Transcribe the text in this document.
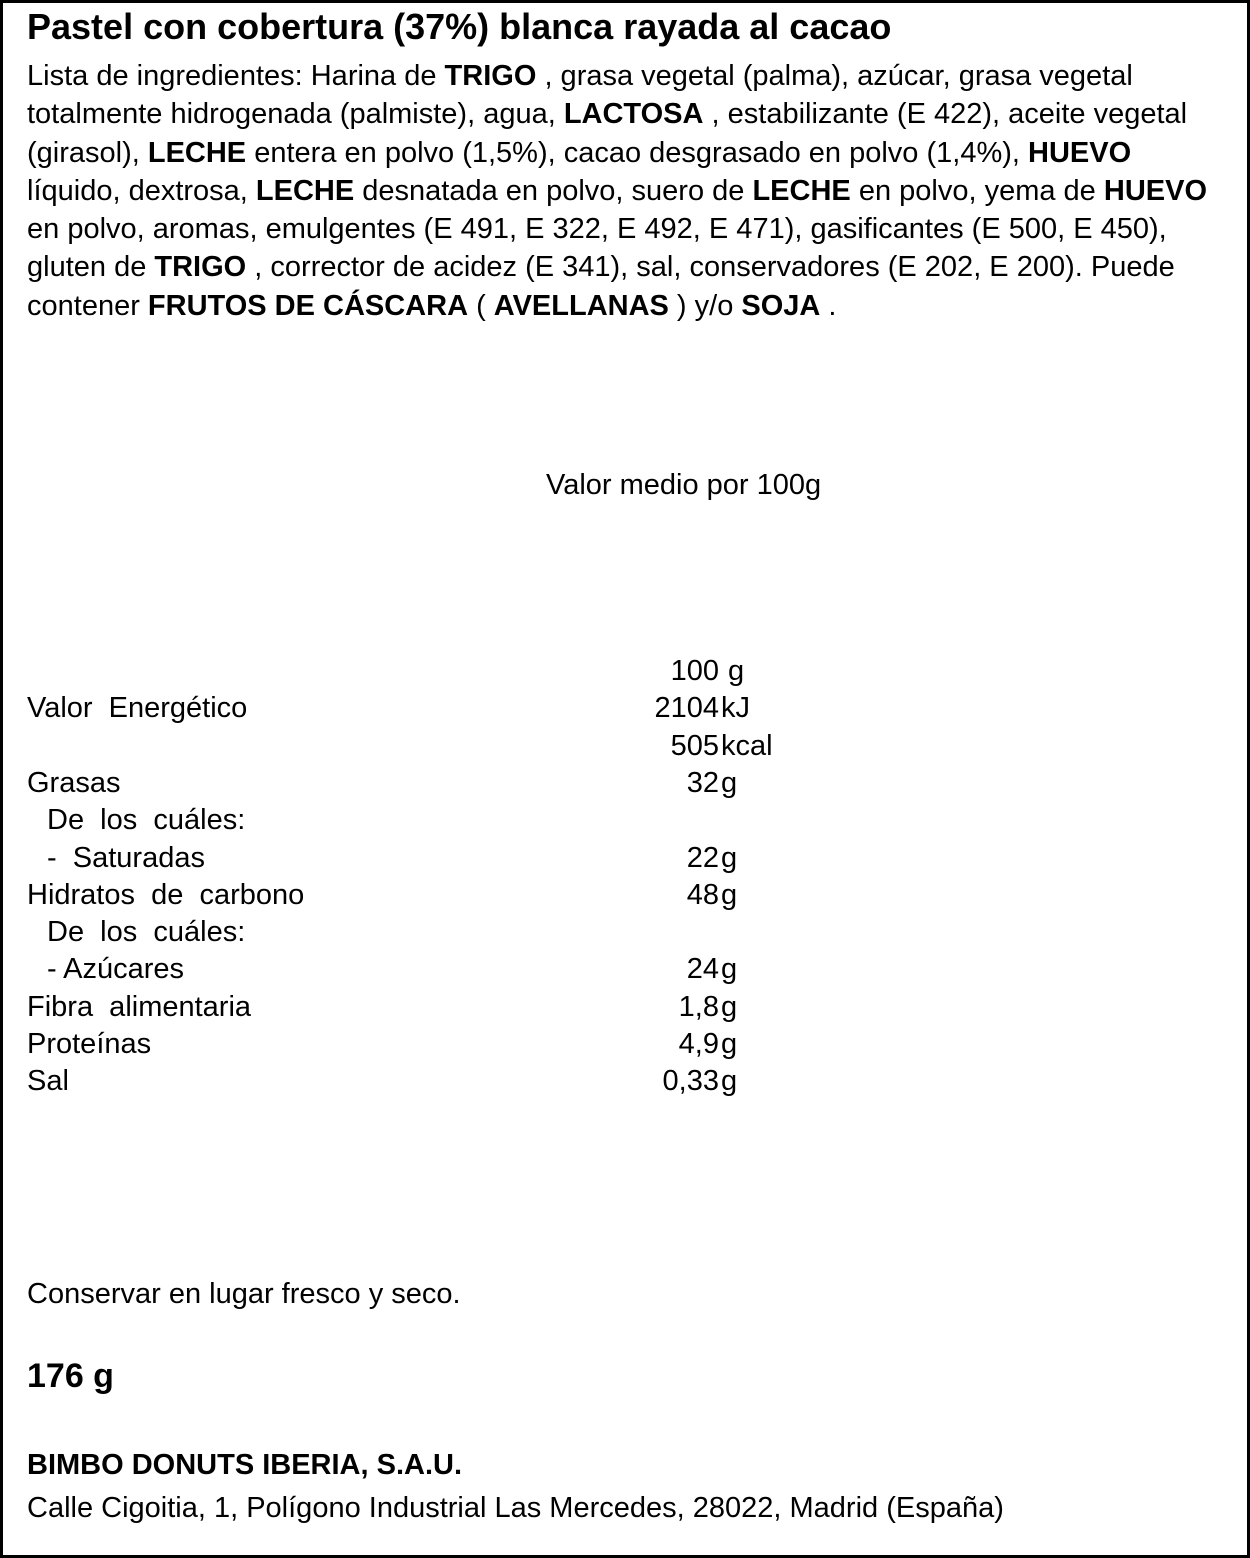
Pastel con cobertura (37%) blanca rayada al cacao
Lista de ingredientes: Harina de TRIGO , grasa vegetal (palma), azúcar, grasa vegetal totalmente hidrogenada (palmiste), agua, LACTOSA , estabilizante (E 422), aceite vegetal (girasol), LECHE entera en polvo (1,5%), cacao desgrasado en polvo (1,4%), HUEVO líquido, dextrosa, LECHE desnatada en polvo, suero de LECHE en polvo, yema de HUEVO en polvo, aromas, emulgentes (E 491, E 322, E 492, E 471), gasificantes (E 500, E 450), gluten de TRIGO , corrector de acidez (E 341), sal, conservadores (E 202, E 200). Puede contener FRUTOS DE CÁSCARA ( AVELLANAS ) y/o SOJA .
Valor medio por 100g
100 g
Valor  Energético	2104 kJ
505 kcal
Grasas	32 g
De  los  cuáles:
-  Saturadas	22 g
Hidratos  de  carbono	48 g
De  los  cuáles:
- Azúcares	24 g
Fibra  alimentaria	1,8 g
Proteínas	4,9 g
Sal	0,33 g
Conservar en lugar fresco y seco.
176 g
BIMBO DONUTS IBERIA, S.A.U.
Calle Cigoitia, 1, Polígono Industrial Las Mercedes, 28022, Madrid (España)
